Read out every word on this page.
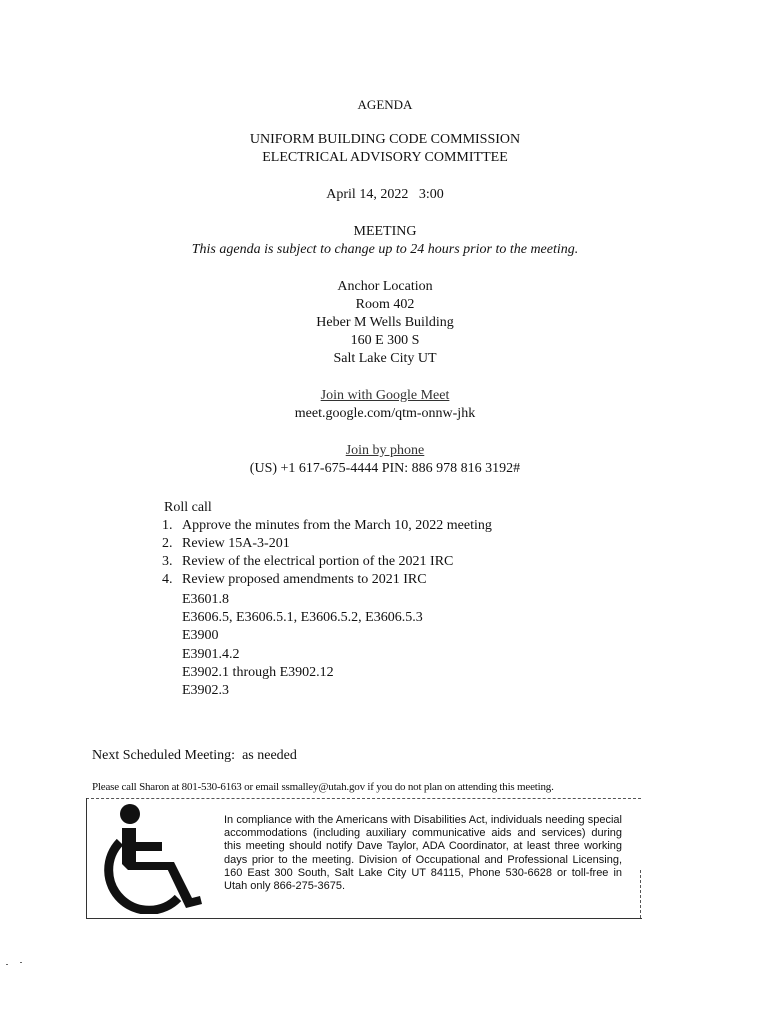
AGENDA
UNIFORM BUILDING CODE COMMISSION
ELECTRICAL ADVISORY COMMITTEE
April 14, 2022   3:00
MEETING
This agenda is subject to change up to 24 hours prior to the meeting.
Anchor Location
Room 402
Heber M Wells Building
160 E 300 S
Salt Lake City UT
Join with Google Meet
meet.google.com/qtm-onnw-jhk
Join by phone
(US) +1 617-675-4444 PIN: 886 978 816 3192#
Roll call
1. Approve the minutes from the March 10, 2022 meeting
2. Review 15A-3-201
3. Review of the electrical portion of the 2021 IRC
4. Review proposed amendments to 2021 IRC
E3601.8
E3606.5, E3606.5.1, E3606.5.2, E3606.5.3
E3900
E3901.4.2
E3902.1 through E3902.12
E3902.3
Next Scheduled Meeting:  as needed
Please call Sharon at 801-530-6163 or email ssmalley@utah.gov if you do not plan on attending this meeting.
In compliance with the Americans with Disabilities Act, individuals needing special accommodations (including auxiliary communicative aids and services) during this meeting should notify Dave Taylor, ADA Coordinator, at least three working days prior to the meeting. Division of Occupational and Professional Licensing, 160 East 300 South, Salt Lake City UT 84115, Phone 530-6628 or toll-free in Utah only 866-275-3675.
